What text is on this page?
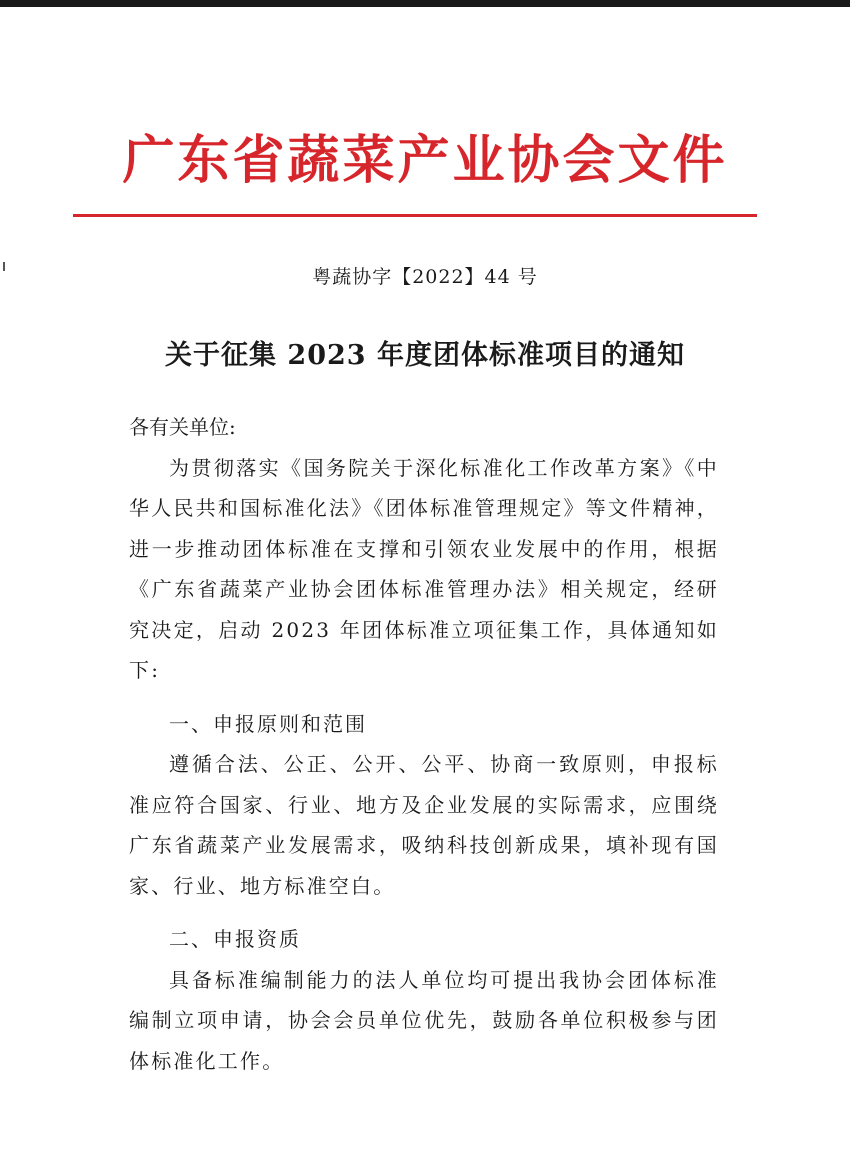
广东省蔬菜产业协会文件
粤蔬协字【2022】44 号
关于征集 2023 年度团体标准项目的通知

各有关单位:

为贯彻落实《国务院关于深化标准化工作改革方案》《中华人民共和国标准化法》《团体标准管理规定》等文件精神，进一步推动团体标准在支撑和引领农业发展中的作用，根据《广东省蔬菜产业协会团体标准管理办法》相关规定，经研究决定，启动 2023 年团体标准立项征集工作，具体通知如下:

一、申报原则和范围

遵循合法、公正、公开、公平、协商一致原则，申报标准应符合国家、行业、地方及企业发展的实际需求，应围绕广东省蔬菜产业发展需求，吸纳科技创新成果，填补现有国家、行业、地方标准空白。

二、申报资质

具备标准编制能力的法人单位均可提出我协会团体标准编制立项申请，协会会员单位优先，鼓励各单位积极参与团体标准化工作。
